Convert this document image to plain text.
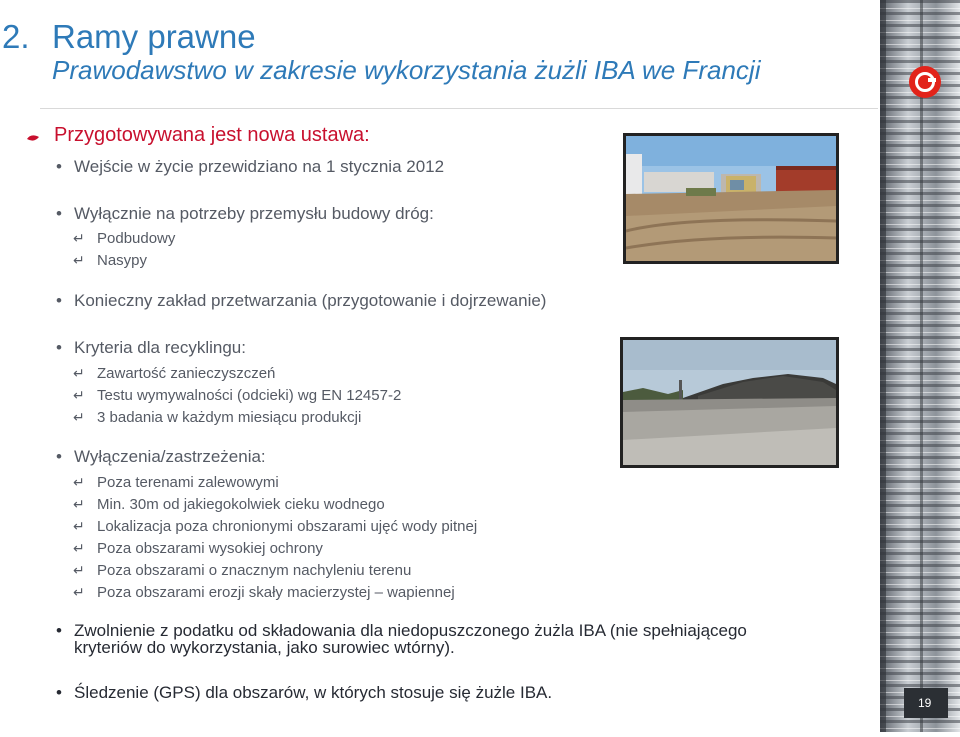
19
2. Ramy prawne
Prawodawstwo w zakresie wykorzystania żużli IBA we Francji
Przygotowywana jest nowa ustawa:
• Wejście w życie przewidziano na 1 stycznia 2012
• Wyłącznie na potrzeby przemysłu budowy dróg:
↵ Podbudowy
↵ Nasypy
• Konieczny zakład przetwarzania (przygotowanie i dojrzewanie)
• Kryteria dla recyklingu:
↵ Zawartość zanieczyszczeń
↵ Testu wymywalności (odcieki) wg EN 12457-2
↵ 3 badania w każdym miesiącu produkcji
• Wyłączenia/zastrzeżenia:
↵ Poza terenami zalewowymi
↵ Min. 30m od jakiegokolwiek cieku wodnego
↵ Lokalizacja poza chronionymi obszarami ujęć wody pitnej
↵ Poza obszarami wysokiej ochrony
↵ Poza obszarami o znacznym nachyleniu terenu
↵ Poza obszarami erozji skały macierzystej – wapiennej
• Zwolnienie z podatku od składowania dla niedopuszczonego żużla IBA (nie spełniającego kryteriów do wykorzystania, jako surowiec wtórny).
• Śledzenie (GPS) dla obszarów, w których stosuje się żużle IBA.
